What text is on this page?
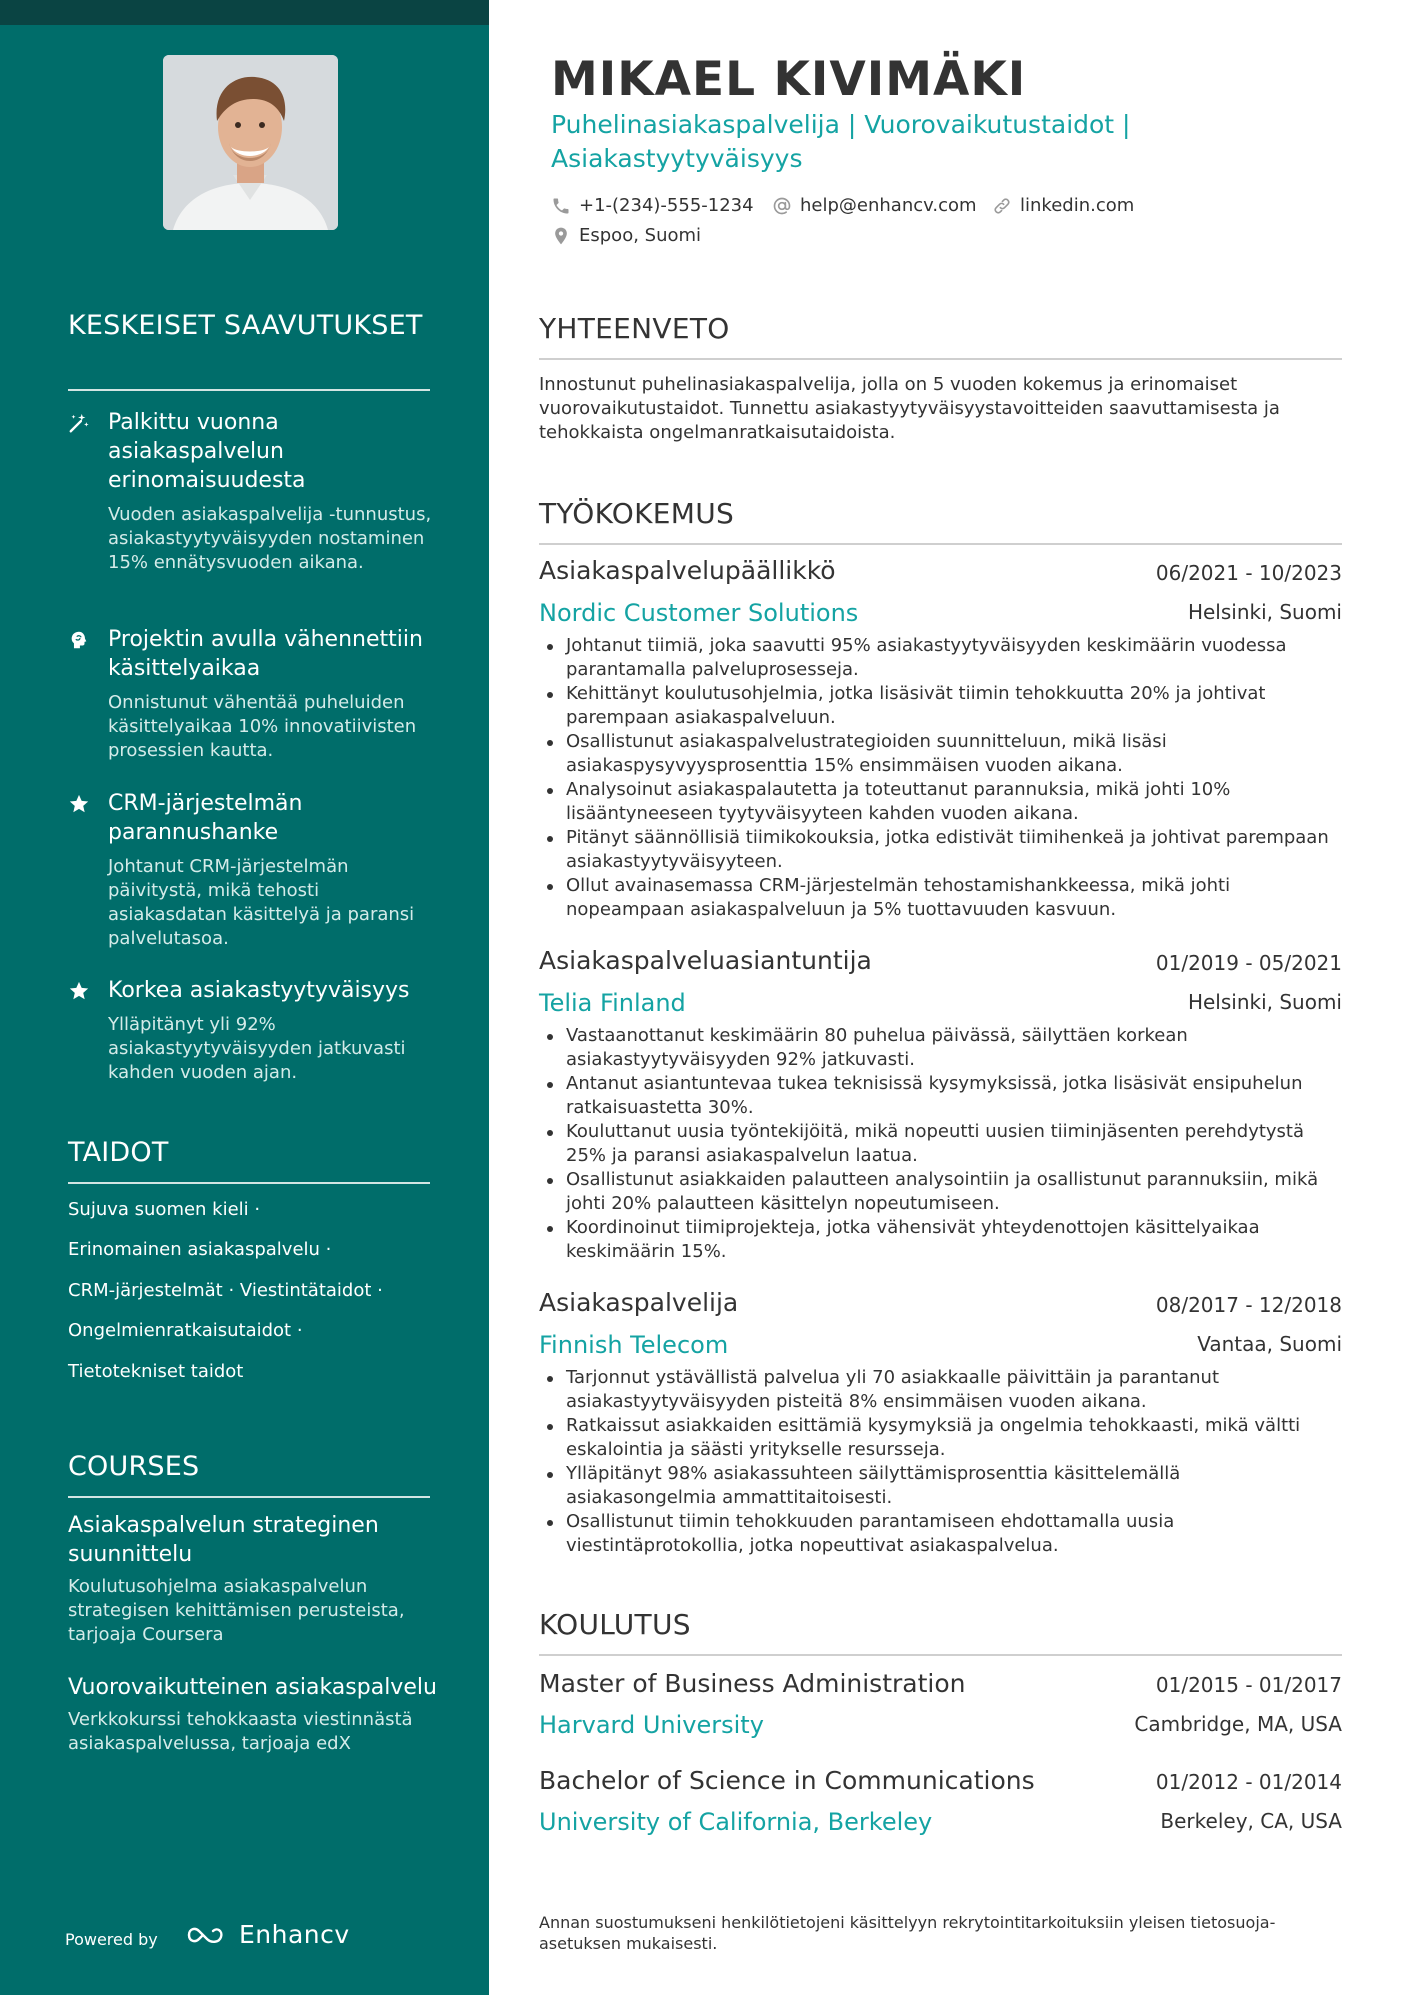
KESKEISET SAAVUTUKSET
Palkittu vuonna asiakaspalvelun erinomaisuudesta
Vuoden asiakaspalvelija -tunnustus, asiakastyytyväisyyden nostaminen 15% ennätysvuoden aikana.
Projektin avulla vähennettiin käsittelyaikaa
Onnistunut vähentää puheluiden käsittelyaikaa 10% innovatiivisten prosessien kautta.
CRM-järjestelmän parannushanke
Johtanut CRM-järjestelmän päivitystä, mikä tehosti asiakasdatan käsittelyä ja paransi palvelutasoa.
Korkea asiakastyytyväisyys
Ylläpitänyt yli 92% asiakastyytyväisyyden jatkuvasti kahden vuoden ajan.
TAIDOT
Sujuva suomen kieli ·
Erinomainen asiakaspalvelu ·
CRM-järjestelmät · Viestintätaidot ·
Ongelmienratkaisutaidot ·
Tietotekniset taidot
COURSES
Asiakaspalvelun strateginen suunnittelu
Koulutusohjelma asiakaspalvelun strategisen kehittämisen perusteista, tarjoaja Coursera
Vuorovaikutteinen asiakaspalvelu
Verkkokurssi tehokkaasta viestinnästä asiakaspalvelussa, tarjoaja edX
Powered by	Enhancv
MIKAEL KIVIMÄKI
Puhelinasiakaspalvelija | Vuorovaikutustaidot | Asiakastyytyväisyys
+1-(234)-555-1234	help@enhancv.com linkedin.com
Espoo, Suomi
YHTEENVETO
Innostunut puhelinasiakaspalvelija, jolla on 5 vuoden kokemus ja erinomaiset vuorovaikutustaidot. Tunnettu asiakastyytyväisyystavoitteiden saavuttamisesta ja tehokkaista ongelmanratkaisutaidoista.
TYÖKOKEMUS
Asiakaspalvelupäällikkö	06/2021 - 10/2023
Nordic Customer Solutions	Helsinki, Suomi
Johtanut tiimiä, joka saavutti 95% asiakastyytyväisyyden keskimäärin vuodessa parantamalla palveluprosesseja.
Kehittänyt koulutusohjelmia, jotka lisäsivät tiimin tehokkuutta 20% ja johtivat parempaan asiakaspalveluun.
Osallistunut asiakaspalvelustrategioiden suunnitteluun, mikä lisäsi asiakaspysyvyysprosenttia 15% ensimmäisen vuoden aikana.
Analysoinut asiakaspalautetta ja toteuttanut parannuksia, mikä johti 10% lisääntyneeseen tyytyväisyyteen kahden vuoden aikana.
Pitänyt säännöllisiä tiimikokouksia, jotka edistivät tiimihenkeä ja johtivat parempaan asiakastyytyväisyyteen.
Ollut avainasemassa CRM-järjestelmän tehostamishankkeessa, mikä johti nopeampaan asiakaspalveluun ja 5% tuottavuuden kasvuun.
Asiakaspalveluasiantuntija	01/2019 - 05/2021
Telia Finland	Helsinki, Suomi
Vastaanottanut keskimäärin 80 puhelua päivässä, säilyttäen korkean asiakastyytyväisyyden 92% jatkuvasti.
Antanut asiantuntevaa tukea teknisissä kysymyksissä, jotka lisäsivät ensipuhelun ratkaisuastetta 30%.
Kouluttanut uusia työntekijöitä, mikä nopeutti uusien tiiminjäsenten perehdytystä 25% ja paransi asiakaspalvelun laatua.
Osallistunut asiakkaiden palautteen analysointiin ja osallistunut parannuksiin, mikä johti 20% palautteen käsittelyn nopeutumiseen.
Koordinoinut tiimiprojekteja, jotka vähensivät yhteydenottojen käsittelyaikaa keskimäärin 15%.
Asiakaspalvelija	08/2017 - 12/2018
Finnish Telecom	Vantaa, Suomi
Tarjonnut ystävällistä palvelua yli 70 asiakkaalle päivittäin ja parantanut asiakastyytyväisyyden pisteitä 8% ensimmäisen vuoden aikana.
Ratkaissut asiakkaiden esittämiä kysymyksiä ja ongelmia tehokkaasti, mikä vältti eskalointia ja säästi yritykselle resursseja.
Ylläpitänyt 98% asiakassuhteen säilyttämisprosenttia käsittelemällä asiakasongelmia ammattitaitoisesti.
Osallistunut tiimin tehokkuuden parantamiseen ehdottamalla uusia viestintäprotokollia, jotka nopeuttivat asiakaspalvelua.
KOULUTUS
Master of Business Administration	01/2015 - 01/2017
Harvard University	Cambridge, MA, USA
Bachelor of Science in Communications	01/2012 - 01/2014
University of California, Berkeley	Berkeley, CA, USA
Annan suostumukseni henkilötietojeni käsittelyyn rekrytointitarkoituksiin yleisen tietosuoja-asetuksen mukaisesti.
